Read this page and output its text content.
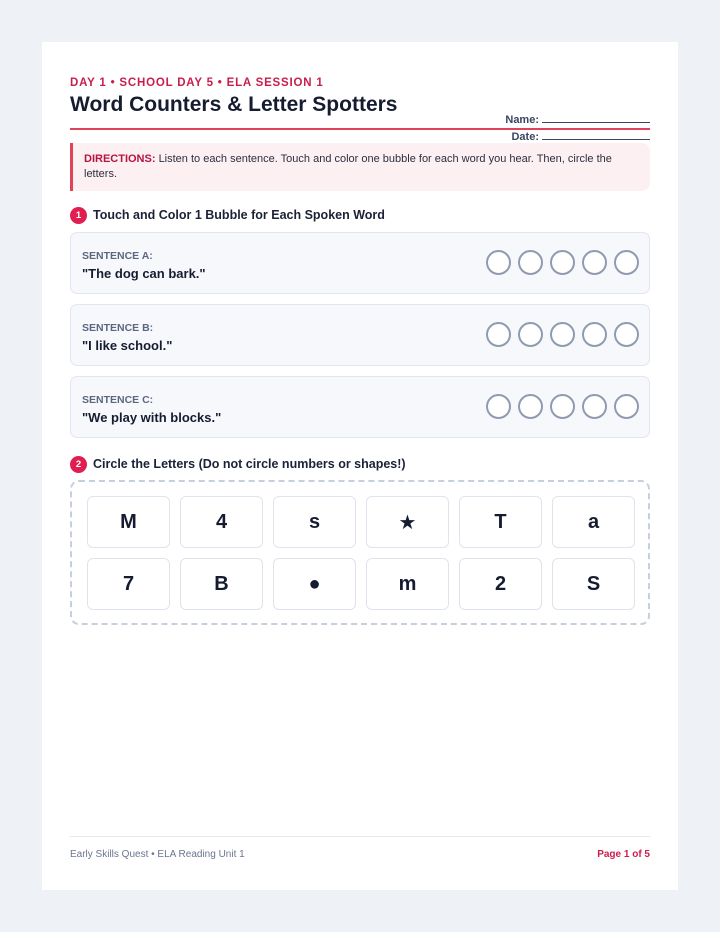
DAY 1 • SCHOOL DAY 5 • ELA SESSION 1
Word Counters & Letter Spotters
Name:
Date:
DIRECTIONS: Listen to each sentence. Touch and color one bubble for each word you hear. Then, circle the letters.
1 Touch and Color 1 Bubble for Each Spoken Word
SENTENCE A:
"The dog can bark."
SENTENCE B:
"I like school."
SENTENCE C:
"We play with blocks."
2 Circle the Letters (Do not circle numbers or shapes!)
M	4	s	★	T	a
7	B	●	m	2	S
Early Skills Quest • ELA Reading Unit 1	Page 1 of 5
